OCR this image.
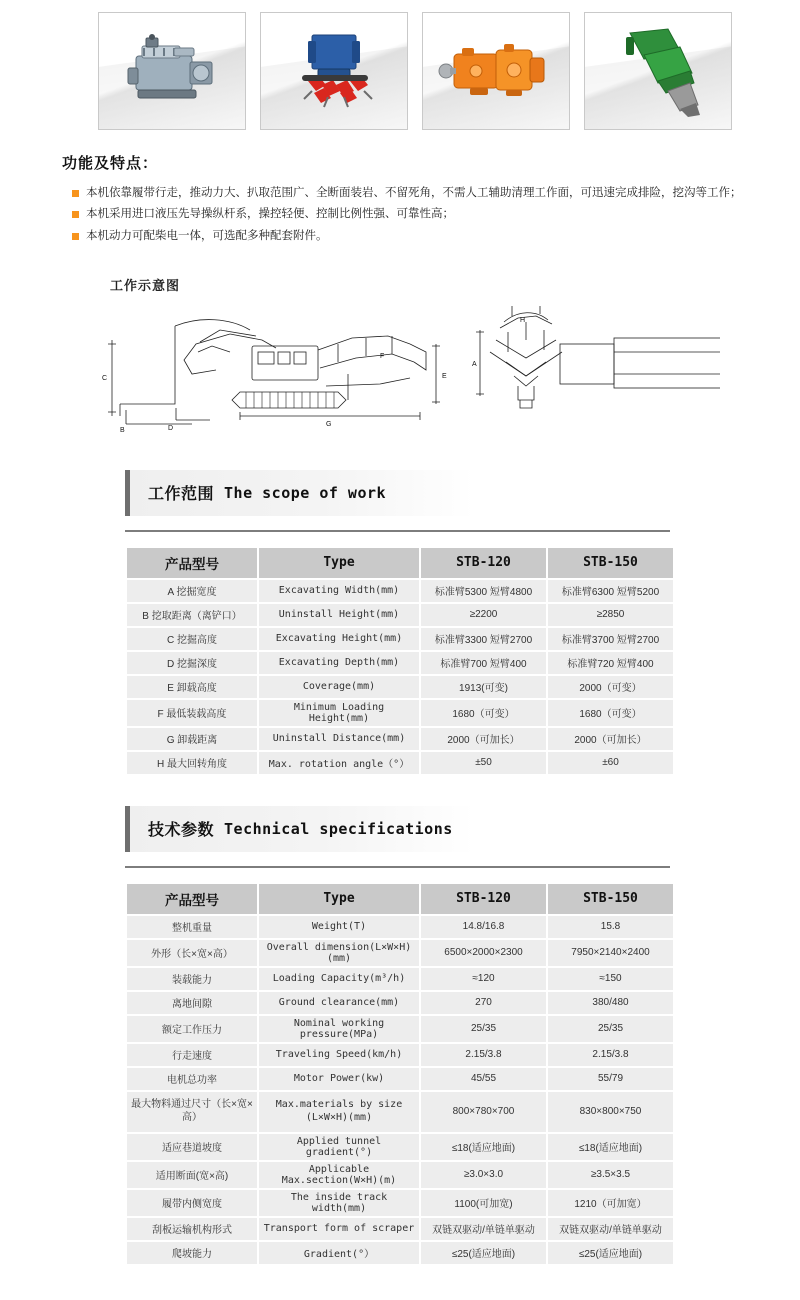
功能及特点：
本机依靠履带行走，推动力大、扒取范围广、全断面装岩、不留死角，不需人工辅助清理工作面，可迅速完成排险，挖沟等工作；
本机采用进口液压先导操纵杆系，操控轻便、控制比例性强、可靠性高；
本机动力可配柴电一体，可选配多种配套附件。
工作示意图
C
B	D
F
E
G
A
H
工作范围 The scope of work
产品型号	Type	STB-120	STB-150
A 挖掘宽度	Excavating Width(mm)	标准臂5300 短臂4800	标准臂6300 短臂5200
B 挖取距离（离铲口）	Uninstall Height(mm)	≥2200	≥2850
C 挖掘高度	Excavating Height(mm)	标准臂3300 短臂2700	标准臂3700 短臂2700
D 挖掘深度	Excavating Depth(mm)	标准臂700 短臂400	标准臂720 短臂400
E 卸载高度	Coverage(mm)	1913(可变)	2000（可变）
F 最低装载高度	Minimum Loading Height(mm)	1680（可变）	1680（可变）
G 卸载距离	Uninstall Distance(mm)	2000（可加长）	2000（可加长）
H 最大回转角度	Max. rotation angle（°）	±50	±60
技术参数 Technical specifications
产品型号	Type	STB-120	STB-150
整机重量	Weight(T)	14.8/16.8	15.8
外形（长×宽×高）	Overall dimension(L×W×H)(mm)	6500×2000×2300	7950×2140×2400
装载能力	Loading Capacity(m³/h)	≈120	≈150
离地间隙	Ground clearance(mm)	270	380/480
额定工作压力	Nominal working pressure(MPa)	25/35	25/35
行走速度	Traveling Speed(km/h)	2.15/3.8	2.15/3.8
电机总功率	Motor Power(kw)	45/55	55/79
最大物料通过尺寸（长×宽×高）	Max.materials by size (L×W×H)(mm)	800×780×700	830×800×750
适应巷道坡度	Applied tunnel gradient(°)	≤18(适应地面)	≤18(适应地面)
适用断面(宽×高)	Applicable Max.section(W×H)(m)	≥3.0×3.0	≥3.5×3.5
履带内侧宽度	The inside track width(mm)	1100(可加宽)	1210（可加宽）
刮板运输机构形式	Transport form of scraper	双链双驱动/单链单驱动	双链双驱动/单链单驱动
爬坡能力	Gradient(°）	≤25(适应地面)	≤25(适应地面)
